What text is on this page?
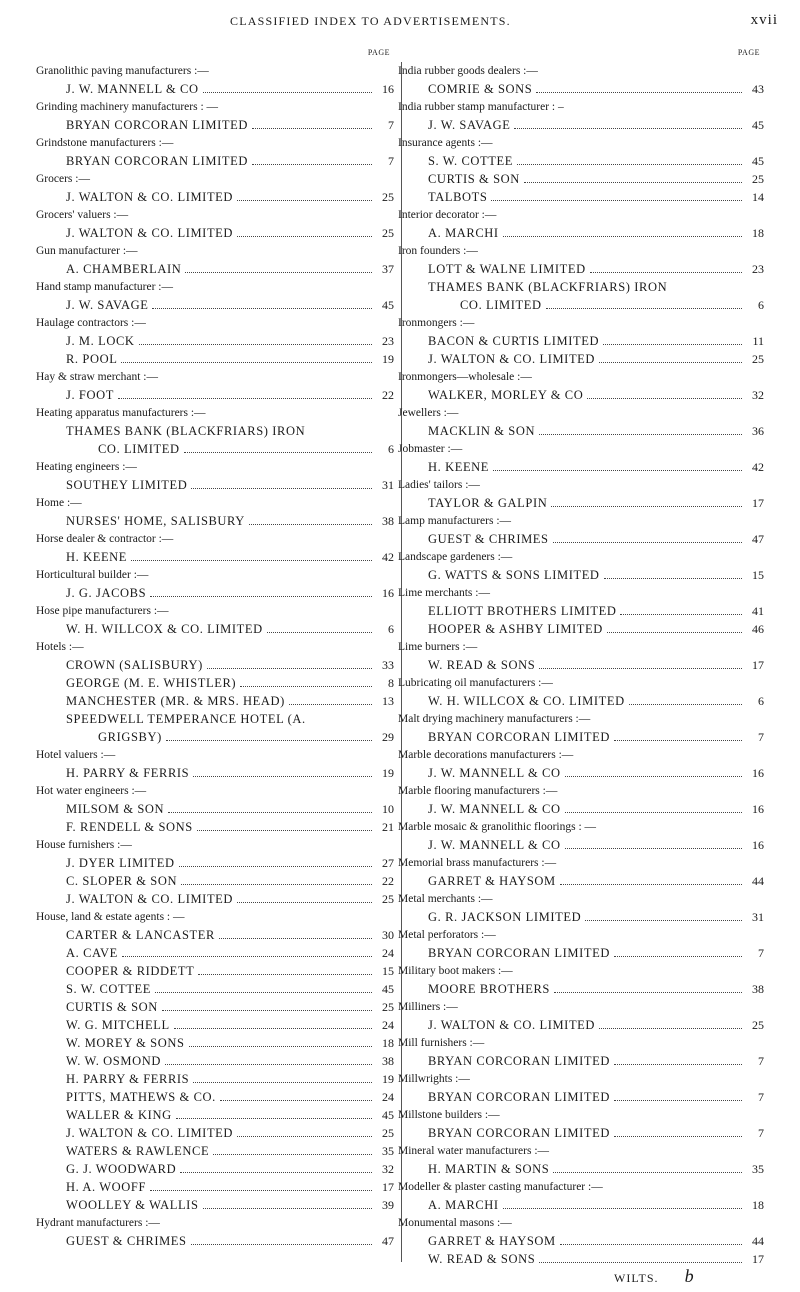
CLASSIFIED INDEX TO ADVERTISEMENTS.	xvii
PAGE
Granolithic paving manufacturers :—
J. W. MANNELL & CO	16
Grinding machinery manufacturers : —
BRYAN CORCORAN LIMITED	7
Grindstone manufacturers :—
BRYAN CORCORAN LIMITED	7
Grocers :—
J. WALTON & CO. LIMITED	25
Grocers' valuers :—
J. WALTON & CO. LIMITED	25
Gun manufacturer :—
A. CHAMBERLAIN	37
Hand stamp manufacturer :—
J. W. SAVAGE	45
Haulage contractors :—
J. M. LOCK	23
R. POOL	19
Hay & straw merchant :—
J. FOOT	22
Heating apparatus manufacturers :—
THAMES BANK (BLACKFRIARS) IRON
CO. LIMITED	6
Heating engineers :—
SOUTHEY LIMITED	31
Home :—
NURSES' HOME, SALISBURY	38
Horse dealer & contractor :—
H. KEENE	42
Horticultural builder :—
J. G. JACOBS	16
Hose pipe manufacturers :—
W. H. WILLCOX & CO. LIMITED	6
Hotels :—
CROWN (SALISBURY)	33
GEORGE (M. E. WHISTLER)	8
MANCHESTER (MR. & MRS. HEAD)	13
SPEEDWELL TEMPERANCE HOTEL (A.
GRIGSBY)	29
Hotel valuers :—
H. PARRY & FERRIS	19
Hot water engineers :—
MILSOM & SON	10
F. RENDELL & SONS	21
House furnishers :—
J. DYER LIMITED	27
C. SLOPER & SON	22
J. WALTON & CO. LIMITED	25
House, land & estate agents : —
CARTER & LANCASTER	30
A. CAVE	24
COOPER & RIDDETT	15
S. W. COTTEE	45
CURTIS & SON	25
W. G. MITCHELL	24
W. MOREY & SONS	18
W. W. OSMOND	38
H. PARRY & FERRIS	19
PITTS, MATHEWS & CO.	24
WALLER & KING	45
J. WALTON & CO. LIMITED	25
WATERS & RAWLENCE	35
G. J. WOODWARD	32
H. A. WOOFF	17
WOOLLEY & WALLIS	39
Hydrant manufacturers :—
GUEST & CHRIMES	47
PAGE
India rubber goods dealers :—
COMRIE & SONS	43
India rubber stamp manufacturer : –
J. W. SAVAGE	45
Insurance agents :—
S. W. COTTEE	45
CURTIS & SON	25
TALBOTS	14
Interior decorator :—
A. MARCHI	18
Iron founders :—
LOTT & WALNE LIMITED	23
THAMES BANK (BLACKFRIARS) IRON
CO. LIMITED	6
Ironmongers :—
BACON & CURTIS LIMITED	11
J. WALTON & CO. LIMITED	25
Ironmongers—wholesale :—
WALKER, MORLEY & CO	32
Jewellers :—
MACKLIN & SON	36
Jobmaster :—
H. KEENE	42
Ladies' tailors :—
TAYLOR & GALPIN	17
Lamp manufacturers :—
GUEST & CHRIMES	47
Landscape gardeners :—
G. WATTS & SONS LIMITED	15
Lime merchants :—
ELLIOTT BROTHERS LIMITED	41
HOOPER & ASHBY LIMITED	46
Lime burners :—
W. READ & SONS	17
Lubricating oil manufacturers :—
W. H. WILLCOX & CO. LIMITED	6
Malt drying machinery manufacturers :—
BRYAN CORCORAN LIMITED	7
Marble decorations manufacturers :—
J. W. MANNELL & CO	16
Marble flooring manufacturers :—
J. W. MANNELL & CO	16
Marble mosaic & granolithic floorings : —
J. W. MANNELL & CO	16
Memorial brass manufacturers :—
GARRET & HAYSOM	44
Metal merchants :—
G. R. JACKSON LIMITED	31
Metal perforators :—
BRYAN CORCORAN LIMITED	7
Military boot makers :—
MOORE BROTHERS	38
Milliners :—
J. WALTON & CO. LIMITED	25
Mill furnishers :—
BRYAN CORCORAN LIMITED	7
Millwrights :—
BRYAN CORCORAN LIMITED	7
Millstone builders :—
BRYAN CORCORAN LIMITED	7
Mineral water manufacturers :—
H. MARTIN & SONS	35
Modeller & plaster casting manufacturer :—
A. MARCHI	18
Monumental masons :—
GARRET & HAYSOM	44
W. READ & SONS	17
WILTS. b
